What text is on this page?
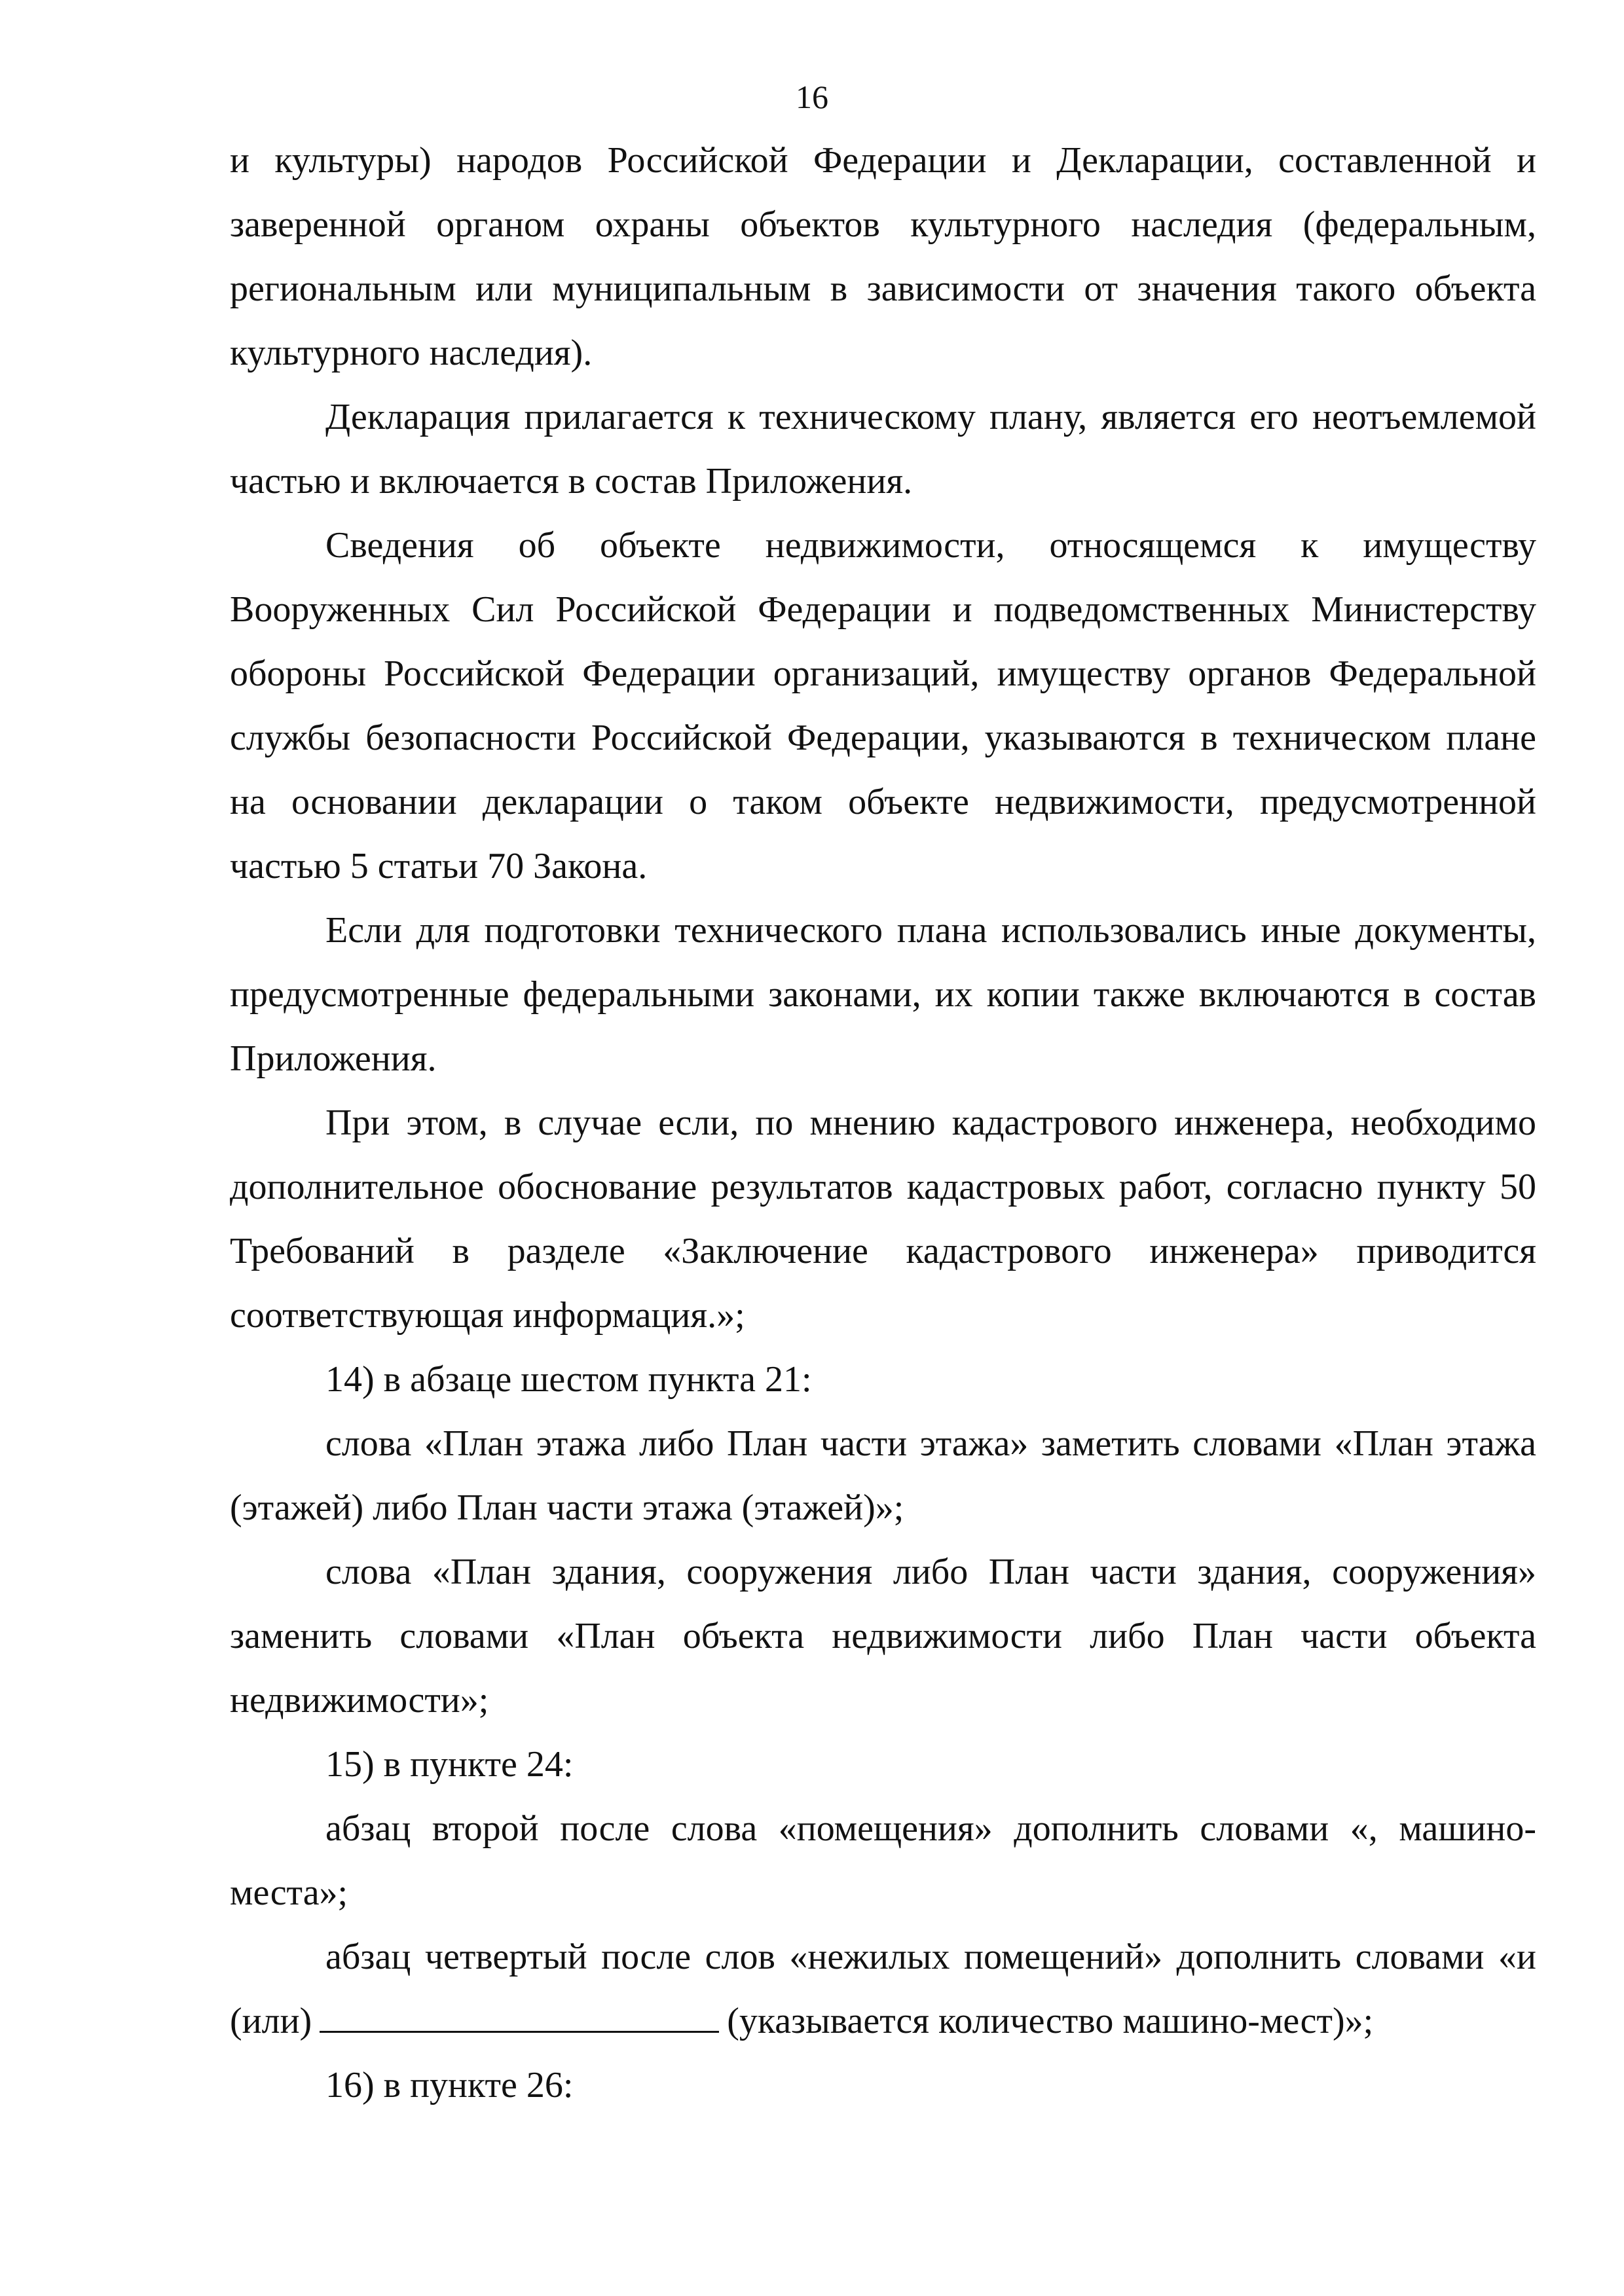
16

и культуры) народов Российской Федерации и Декларации, составленной и заверенной органом охраны объектов культурного наследия (федеральным, региональным или муниципальным в зависимости от значения такого объекта культурного наследия).

Декларация прилагается к техническому плану, является его неотъемлемой частью и включается в состав Приложения.

Сведения об объекте недвижимости, относящемся к имуществу Вооруженных Сил Российской Федерации и подведомственных Министерству обороны Российской Федерации организаций, имуществу органов Федеральной службы безопасности Российской Федерации, указываются в техническом плане на основании декларации о таком объекте недвижимости, предусмотренной частью 5 статьи 70 Закона.

Если для подготовки технического плана использовались иные документы, предусмотренные федеральными законами, их копии также включаются в состав Приложения.

При этом, в случае если, по мнению кадастрового инженера, необходимо дополнительное обоснование результатов кадастровых работ, согласно пункту 50 Требований в разделе «Заключение кадастрового инженера» приводится соответствующая информация.»;

14) в абзаце шестом пункта 21:

слова «План этажа либо План части этажа» заметить словами «План этажа (этажей) либо План части этажа (этажей)»;

слова «План здания, сооружения либо План части здания, сооружения» заменить словами «План объекта недвижимости либо План части объекта недвижимости»;

15) в пункте 24:

абзац второй после слова «помещения» дополнить словами «, машино-места»;

абзац четвертый после слов «нежилых помещений» дополнить словами «и (или)	(указывается количество машино-мест)»;

16) в пункте 26:
